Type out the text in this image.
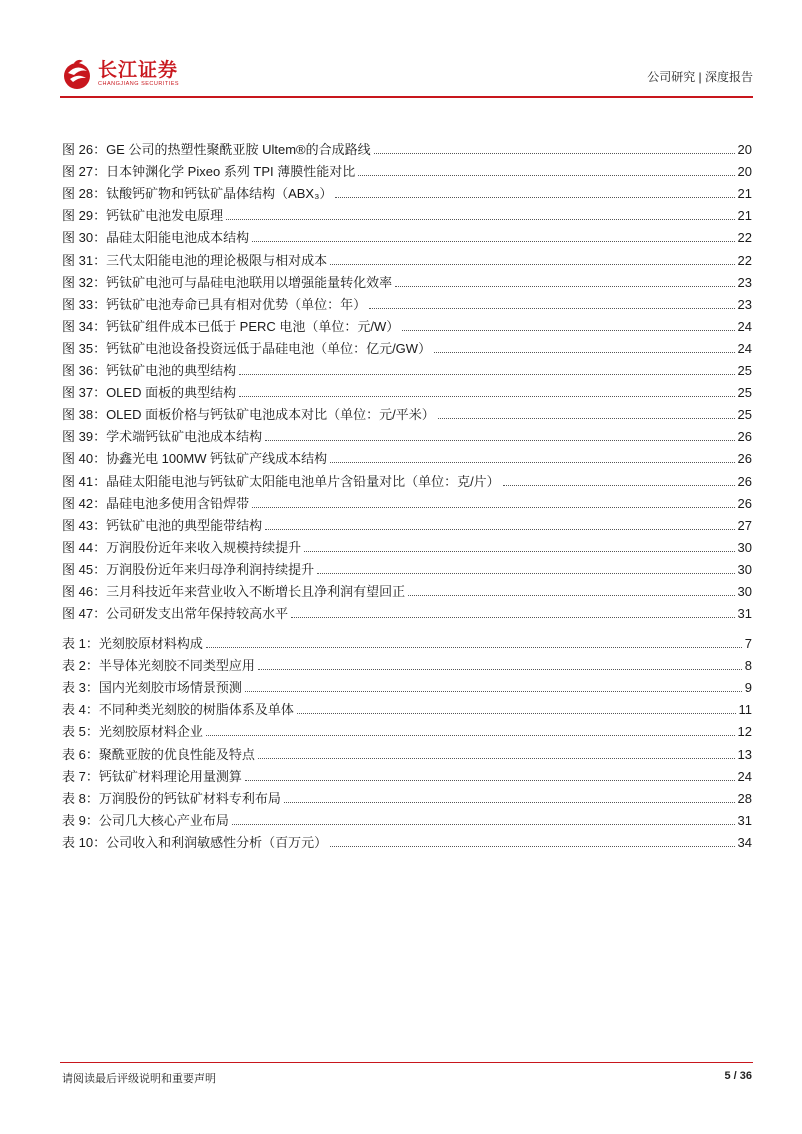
长江证券
CHANGJIANG SECURITIES	公司研究 | 深度报告
图 26：GE 公司的热塑性聚酰亚胺 Ultem®的合成路线	20
图 27：日本钟渊化学 Pixeo 系列 TPI 薄膜性能对比	20
图 28：钛酸钙矿物和钙钛矿晶体结构（ABX₃）	21
图 29：钙钛矿电池发电原理	21
图 30：晶硅太阳能电池成本结构	22
图 31：三代太阳能电池的理论极限与相对成本	22
图 32：钙钛矿电池可与晶硅电池联用以增强能量转化效率	23
图 33：钙钛矿电池寿命已具有相对优势（单位：年）	23
图 34：钙钛矿组件成本已低于 PERC 电池（单位：元/W）	24
图 35：钙钛矿电池设备投资远低于晶硅电池（单位：亿元/GW）	24
图 36：钙钛矿电池的典型结构	25
图 37：OLED 面板的典型结构	25
图 38：OLED 面板价格与钙钛矿电池成本对比（单位：元/平米）	25
图 39：学术端钙钛矿电池成本结构	26
图 40：协鑫光电 100MW 钙钛矿产线成本结构	26
图 41：晶硅太阳能电池与钙钛矿太阳能电池单片含铅量对比（单位：克/片）	26
图 42：晶硅电池多使用含铅焊带	26
图 43：钙钛矿电池的典型能带结构	27
图 44：万润股份近年来收入规模持续提升	30
图 45：万润股份近年来归母净利润持续提升	30
图 46：三月科技近年来营业收入不断增长且净利润有望回正	30
图 47：公司研发支出常年保持较高水平	31
表 1：光刻胶原材料构成	7
表 2：半导体光刻胶不同类型应用	8
表 3：国内光刻胶市场情景预测	9
表 4：不同种类光刻胶的树脂体系及单体	11
表 5：光刻胶原材料企业	12
表 6：聚酰亚胺的优良性能及特点	13
表 7：钙钛矿材料理论用量测算	24
表 8：万润股份的钙钛矿材料专利布局	28
表 9：公司几大核心产业布局	31
表 10：公司收入和利润敏感性分析（百万元）	34
请阅读最后评级说明和重要声明	5 / 36
